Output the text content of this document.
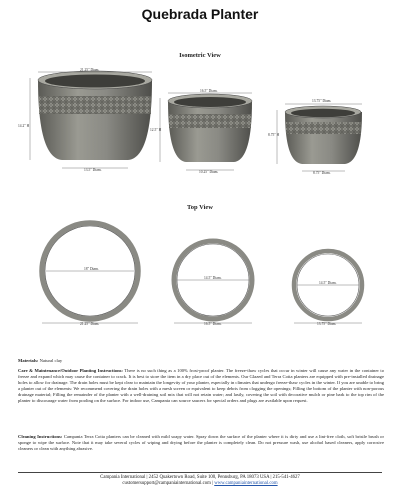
Quebrada Planter
Isometric View
21.25" Diam.
14.2" H
13.5" Diam.
16.5" Diam.
12.5" H
10.25" Diam.
13.75" Diam.
8.75" H
8.75" Diam.
Top View
18" Diam.
21.25" Diam.
14.5" Diam.
16.5" Diam.
14.5" Diam.
13.75" Diam.
Materials: Natural clay
Care & Maintenance/Outdoor Planting Instructions: There is no such thing as a 100% frost-proof planter. The freeze-thaw cycles that occur in winter will cause any water in the container to freeze and expand which may cause the container to crack. It is best to store the item in a dry place out of the elements. Our Glazed and Terra Cotta planters are equipped with pre-installed drainage holes to allow for drainage. The drain holes must be kept clear to maintain the longevity of your planter, especially in climates that undergo freeze-thaw cycles in the winter. If you are unable to bring a planter out of the elements: We recommend covering the drain holes with a mesh screen or equivalent to keep debris from clogging the openings; Filling the bottom of the planter with non-porous drainage material; Filling the remainder of the planter with a well-draining soil mix that will not retain water; and lastly, covering the soil with decorative mulch or pine bark to the top rim of the planter to discourage water from pooling on the surface. For indoor use, Campania can source saucers for special orders and plugs are available upon request.
Cleaning Instructions: Campania Terra Cotta planters can be cleaned with mild soapy water. Spray down the surface of the planter where it is dirty and use a lint-free cloth, soft bristle brush or sponge to wipe the surface. Note that it may take several cycles of wiping and drying before the planter is completely clean. Do not pressure wash, use alcohol based cleaners, apply corrosive cleaners or clean with anything abrasive.
Campania International | 2452 Quakertown Road, Suite 100, Pennsburg, PA 18073 USA | 215-541-4627
customersupport@campaniainternational.com | www.campaniainternational.com
